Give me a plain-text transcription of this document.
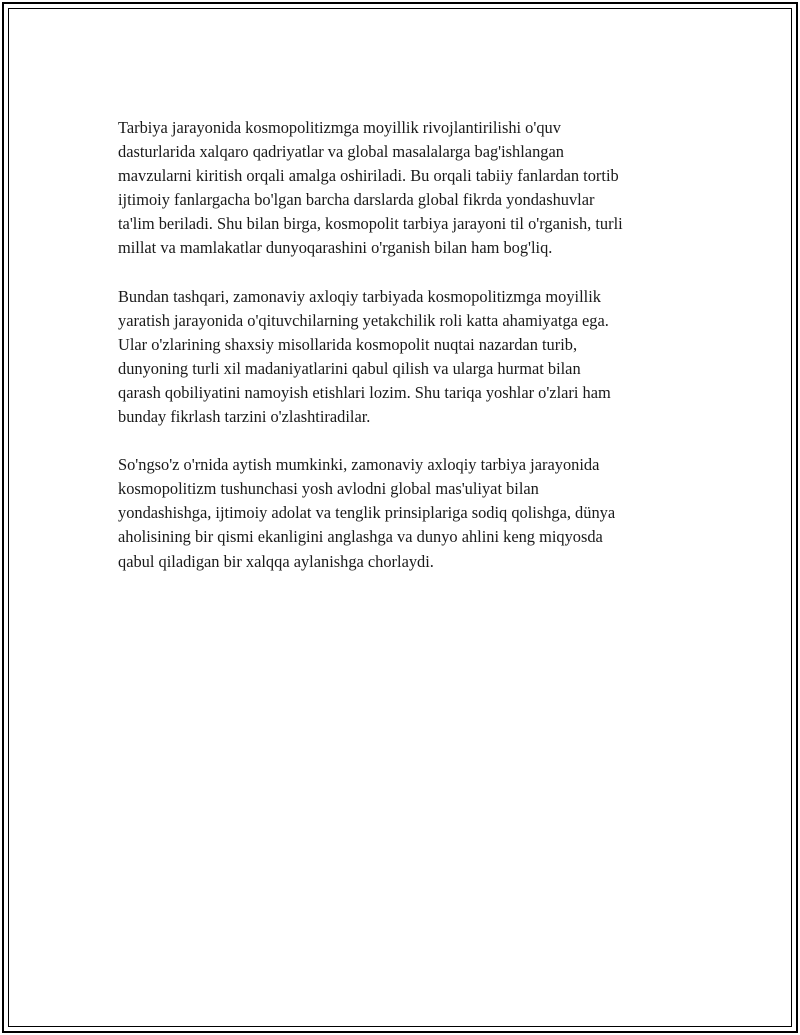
Tarbiya jarayonida kosmopolitizmga moyillik rivojlantirilishi o'quv
dasturlarida xalqaro qadriyatlar va global masalalarga bag'ishlangan
mavzularni kiritish orqali amalga oshiriladi. Bu orqali tabiiy fanlardan tortib
ijtimoiy fanlargacha bo'lgan barcha darslarda global fikrda yondashuvlar
ta'lim beriladi. Shu bilan birga, kosmopolit tarbiya jarayoni til o'rganish, turli
millat va mamlakatlar dunyoqarashini o'rganish bilan ham bog'liq.

Bundan tashqari, zamonaviy axloqiy tarbiyada kosmopolitizmga moyillik
yaratish jarayonida o'qituvchilarning yetakchilik roli katta ahamiyatga ega.
Ular o'zlarining shaxsiy misollarida kosmopolit nuqtai nazardan turib,
dunyoning turli xil madaniyatlarini qabul qilish va ularga hurmat bilan
qarash qobiliyatini namoyish etishlari lozim. Shu tariqa yoshlar o'zlari ham
bunday fikrlash tarzini o'zlashtiradilar.

So'ngso'z o'rnida aytish mumkinki, zamonaviy axloqiy tarbiya jarayonida
kosmopolitizm tushunchasi yosh avlodni global mas'uliyat bilan
yondashishga, ijtimoiy adolat va tenglik prinsiplariga sodiq qolishga, dünya
aholisining bir qismi ekanligini anglashga va dunyo ahlini keng miqyosda
qabul qiladigan bir xalqqa aylanishga chorlaydi.
